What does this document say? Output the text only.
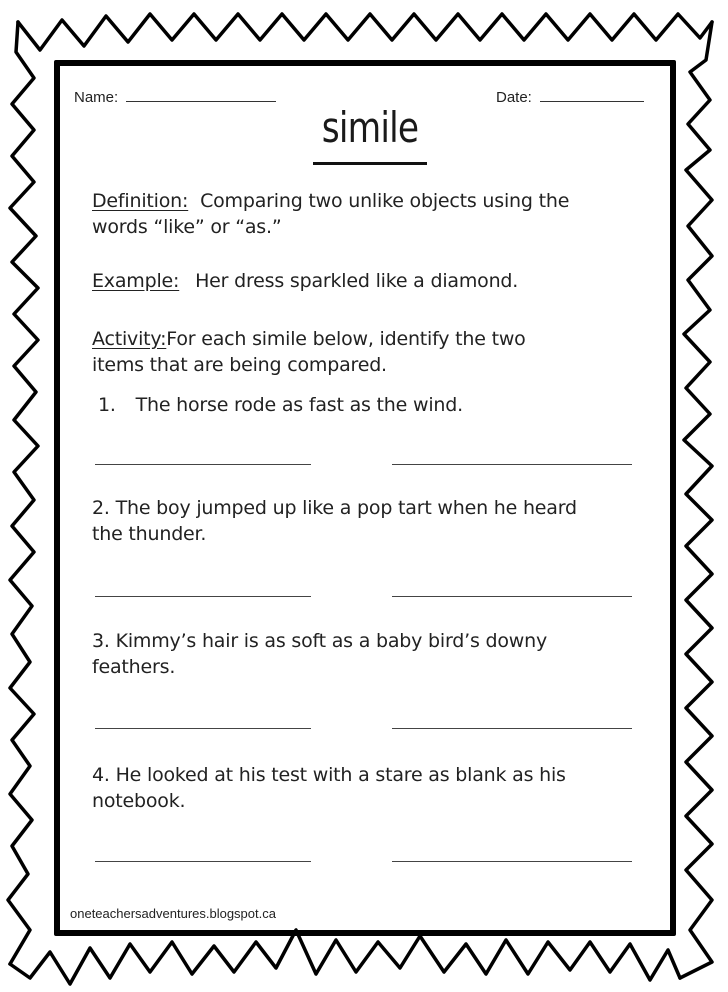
Name:	Date:
simile
Definition: Comparing two unlike objects using the
words “like” or “as.”
Example: Her dress sparkled like a diamond.
Activity:For each simile below, identify the two
items that are being compared.
1. The horse rode as fast as the wind.
2. The boy jumped up like a pop tart when he heard
the thunder.
3. Kimmy’s hair is as soft as a baby bird’s downy
feathers.
4. He looked at his test with a stare as blank as his
notebook.
oneteachersadventures.blogspot.ca
